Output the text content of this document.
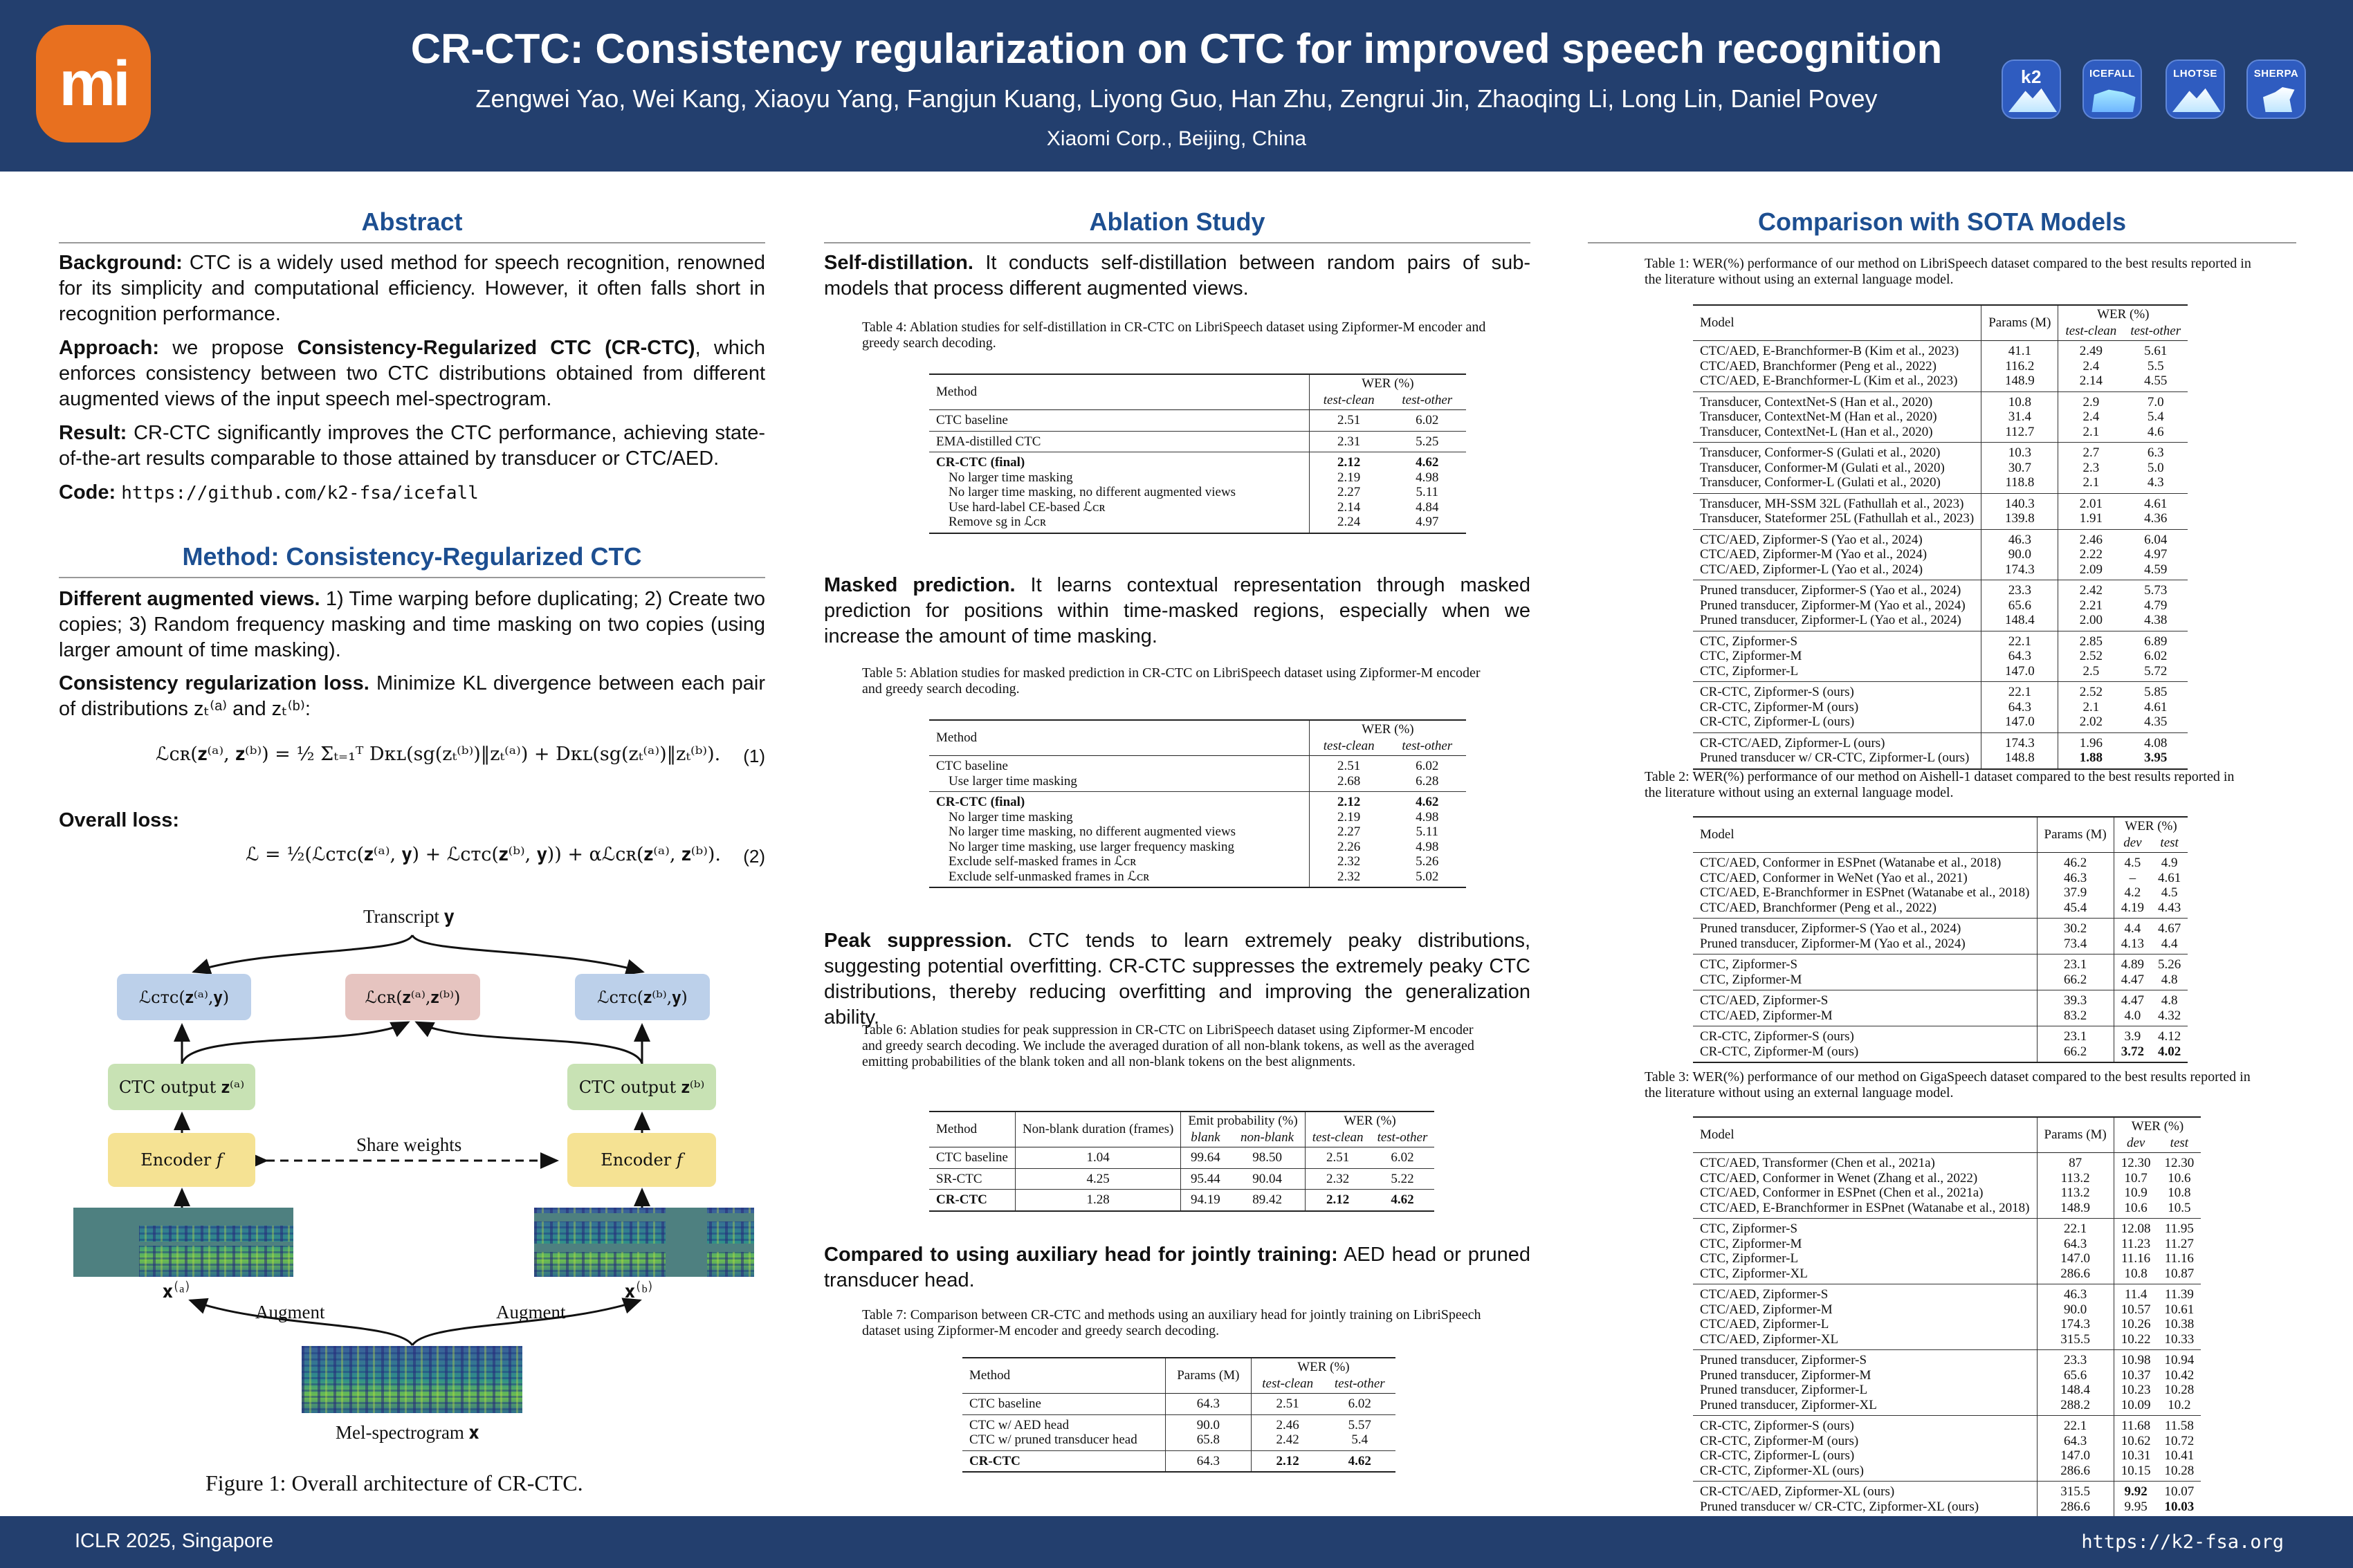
mi	CR-CTC: Consistency regularization on CTC for improved speech recognition
Zengwei Yao, Wei Kang, Xiaoyu Yang, Fangjun Kuang, Liyong Guo, Han Zhu, Zengrui Jin, Zhaoqing Li, Long Lin, Daniel Povey
Xiaomi Corp., Beijing, China
k2	ICEFALL	LHOTSE	SHERPA
Abstract

Background: CTC is a widely used method for speech recognition, renowned for its simplicity and computational efficiency. However, it often falls short in recognition performance.

Approach: we propose Consistency-Regularized CTC (CR-CTC), which enforces consistency between two CTC distributions obtained from different augmented views of the input speech mel-spectrogram.

Result: CR-CTC significantly improves the CTC performance, achieving state-of-the-art results comparable to those attained by transducer or CTC/AED.

Code: https://github.com/k2-fsa/icefall

Method: Consistency-Regularized CTC

Different augmented views. 1) Time warping before duplicating; 2) Create two copies; 3) Random frequency masking and time masking on two copies (using larger amount of time masking).

Consistency regularization loss. Minimize KL divergence between each pair of distributions zₜ⁽ᵃ⁾ and zₜ⁽ᵇ⁾:

ℒᴄʀ(𝐳⁽ᵃ⁾, 𝐳⁽ᵇ⁾) = ½ Σₜ₌₁ᵀ Dᴋʟ(sg(zₜ⁽ᵇ⁾)‖zₜ⁽ᵃ⁾) + Dᴋʟ(sg(zₜ⁽ᵃ⁾)‖zₜ⁽ᵇ⁾). (1)

Overall loss:

ℒ = ½(ℒᴄᴛᴄ(𝐳⁽ᵃ⁾, 𝐲) + ℒᴄᴛᴄ(𝐳⁽ᵇ⁾, 𝐲)) + αℒᴄʀ(𝐳⁽ᵃ⁾, 𝐳⁽ᵇ⁾). (2)
Transcript 𝐲
ℒᴄᴛᴄ(𝐳⁽ᵃ⁾,𝐲)	ℒᴄʀ(𝐳⁽ᵃ⁾,𝐳⁽ᵇ⁾)	ℒᴄᴛᴄ(𝐳⁽ᵇ⁾,𝐲)
CTC output 𝐳⁽ᵃ⁾	CTC output 𝐳⁽ᵇ⁾
Encoder 𝑓	Encoder 𝑓
Share weights
𝐱⁽ᵃ⁾	𝐱⁽ᵇ⁾
Augment	Augment
Mel-spectrogram 𝐱
Figure 1: Overall architecture of CR-CTC.
Ablation Study

Self-distillation. It conducts self-distillation between random pairs of sub-models that process different augmented views.

Table 4: Ablation studies for self-distillation in CR-CTC on LibriSpeech dataset using Zipformer-M encoder and greedy search decoding.
Method	WER (%)	
	test-clean	test-other
CTC baseline	2.51	6.02
EMA-distilled CTC	2.31	5.25
CR-CTC (final)	2.12	4.62
No larger time masking	2.19	4.98
No larger time masking, no different augmented views	2.27	5.11
Use hard-label CE-based ℒᴄʀ	2.14	4.84
Remove sg in ℒᴄʀ	2.24	4.97

Masked prediction. It learns contextual representation through masked prediction for positions within time-masked regions, especially when we increase the amount of time masking.

Table 5: Ablation studies for masked prediction in CR-CTC on LibriSpeech dataset using Zipformer-M encoder and greedy search decoding.
Method	WER (%)	
	test-clean	test-other
CTC baseline	2.51	6.02
Use larger time masking	2.68	6.28
CR-CTC (final)	2.12	4.62
No larger time masking	2.19	4.98
No larger time masking, no different augmented views	2.27	5.11
No larger time masking, use larger frequency masking	2.26	4.98
Exclude self-masked frames in ℒᴄʀ	2.32	5.26
Exclude self-unmasked frames in ℒᴄʀ	2.32	5.02

Peak suppression. CTC tends to learn extremely peaky distributions, suggesting potential overfitting. CR-CTC suppresses the extremely peaky CTC distributions, thereby reducing overfitting and improving the generalization ability.

Table 6: Ablation studies for peak suppression in CR-CTC on LibriSpeech dataset using Zipformer-M encoder and greedy search decoding. We include the averaged duration of all non-blank tokens, as well as the averaged emitting probabilities of the blank token and all non-blank tokens on the best alignments.
Method	Non-blank duration (frames)	Emit probability (%)		WER (%)	
		blank	non-blank	test-clean	test-other
CTC baseline	1.04	99.64	98.50	2.51	6.02
SR-CTC	4.25	95.44	90.04	2.32	5.22
CR-CTC	1.28	94.19	89.42	2.12	4.62

Compared to using auxiliary head for jointly training: AED head or pruned transducer head.

Table 7: Comparison between CR-CTC and methods using an auxiliary head for jointly training on LibriSpeech dataset using Zipformer-M encoder and greedy search decoding.
Method	Params (M)	WER (%)	
		test-clean	test-other
CTC baseline	64.3	2.51	6.02
CTC w/ AED head	90.0	2.46	5.57
CTC w/ pruned transducer head	65.8	2.42	5.4
CR-CTC	64.3	2.12	4.62
Comparison with SOTA Models
Table 1: WER(%) performance of our method on LibriSpeech dataset compared to the best results reported in the literature without using an external language model.
Model	Params (M)	WER (%)	
		test-clean	test-other
CTC/AED, E-Branchformer-B (Kim et al., 2023)	41.1	2.49	5.61
CTC/AED, Branchformer (Peng et al., 2022)	116.2	2.4	5.5
CTC/AED, E-Branchformer-L (Kim et al., 2023)	148.9	2.14	4.55
Transducer, ContextNet-S (Han et al., 2020)	10.8	2.9	7.0
Transducer, ContextNet-M (Han et al., 2020)	31.4	2.4	5.4
Transducer, ContextNet-L (Han et al., 2020)	112.7	2.1	4.6
Transducer, Conformer-S (Gulati et al., 2020)	10.3	2.7	6.3
Transducer, Conformer-M (Gulati et al., 2020)	30.7	2.3	5.0
Transducer, Conformer-L (Gulati et al., 2020)	118.8	2.1	4.3
Transducer, MH-SSM 32L (Fathullah et al., 2023)	140.3	2.01	4.61
Transducer, Stateformer 25L (Fathullah et al., 2023)	139.8	1.91	4.36
CTC/AED, Zipformer-S (Yao et al., 2024)	46.3	2.46	6.04
CTC/AED, Zipformer-M (Yao et al., 2024)	90.0	2.22	4.97
CTC/AED, Zipformer-L (Yao et al., 2024)	174.3	2.09	4.59
Pruned transducer, Zipformer-S (Yao et al., 2024)	23.3	2.42	5.73
Pruned transducer, Zipformer-M (Yao et al., 2024)	65.6	2.21	4.79
Pruned transducer, Zipformer-L (Yao et al., 2024)	148.4	2.00	4.38
CTC, Zipformer-S	22.1	2.85	6.89
CTC, Zipformer-M	64.3	2.52	6.02
CTC, Zipformer-L	147.0	2.5	5.72
CR-CTC, Zipformer-S (ours)	22.1	2.52	5.85
CR-CTC, Zipformer-M (ours)	64.3	2.1	4.61
CR-CTC, Zipformer-L (ours)	147.0	2.02	4.35
CR-CTC/AED, Zipformer-L (ours)	174.3	1.96	4.08
Pruned transducer w/ CR-CTC, Zipformer-L (ours)	148.8	1.88	3.95
Table 2: WER(%) performance of our method on Aishell-1 dataset compared to the best results reported in the literature without using an external language model.
Model	Params (M)	WER (%)	
		dev	test
CTC/AED, Conformer in ESPnet (Watanabe et al., 2018)	46.2	4.5	4.9
CTC/AED, Conformer in WeNet (Yao et al., 2021)	46.3	–	4.61
CTC/AED, E-Branchformer in ESPnet (Watanabe et al., 2018)	37.9	4.2	4.5
CTC/AED, Branchformer (Peng et al., 2022)	45.4	4.19	4.43
Pruned transducer, Zipformer-S (Yao et al., 2024)	30.2	4.4	4.67
Pruned transducer, Zipformer-M (Yao et al., 2024)	73.4	4.13	4.4
CTC, Zipformer-S	23.1	4.89	5.26
CTC, Zipformer-M	66.2	4.47	4.8
CTC/AED, Zipformer-S	39.3	4.47	4.8
CTC/AED, Zipformer-M	83.2	4.0	4.32
CR-CTC, Zipformer-S (ours)	23.1	3.9	4.12
CR-CTC, Zipformer-M (ours)	66.2	3.72	4.02
Table 3: WER(%) performance of our method on GigaSpeech dataset compared to the best results reported in the literature without using an external language model.
Model	Params (M)	WER (%)	
		dev	test
CTC/AED, Transformer (Chen et al., 2021a)	87	12.30	12.30
CTC/AED, Conformer in Wenet (Zhang et al., 2022)	113.2	10.7	10.6
CTC/AED, Conformer in ESPnet (Chen et al., 2021a)	113.2	10.9	10.8
CTC/AED, E-Branchformer in ESPnet (Watanabe et al., 2018)	148.9	10.6	10.5
CTC, Zipformer-S	22.1	12.08	11.95
CTC, Zipformer-M	64.3	11.23	11.27
CTC, Zipformer-L	147.0	11.16	11.16
CTC, Zipformer-XL	286.6	10.8	10.87
CTC/AED, Zipformer-S	46.3	11.4	11.39
CTC/AED, Zipformer-M	90.0	10.57	10.61
CTC/AED, Zipformer-L	174.3	10.26	10.38
CTC/AED, Zipformer-XL	315.5	10.22	10.33
Pruned transducer, Zipformer-S	23.3	10.98	10.94
Pruned transducer, Zipformer-M	65.6	10.37	10.42
Pruned transducer, Zipformer-L	148.4	10.23	10.28
Pruned transducer, Zipformer-XL	288.2	10.09	10.2
CR-CTC, Zipformer-S (ours)	22.1	11.68	11.58
CR-CTC, Zipformer-M (ours)	64.3	10.62	10.72
CR-CTC, Zipformer-L (ours)	147.0	10.31	10.41
CR-CTC, Zipformer-XL (ours)	286.6	10.15	10.28
CR-CTC/AED, Zipformer-XL (ours)	315.5	9.92	10.07
Pruned transducer w/ CR-CTC, Zipformer-XL (ours)	286.6	9.95	10.03
ICLR 2025, Singapore	https://k2-fsa.org
